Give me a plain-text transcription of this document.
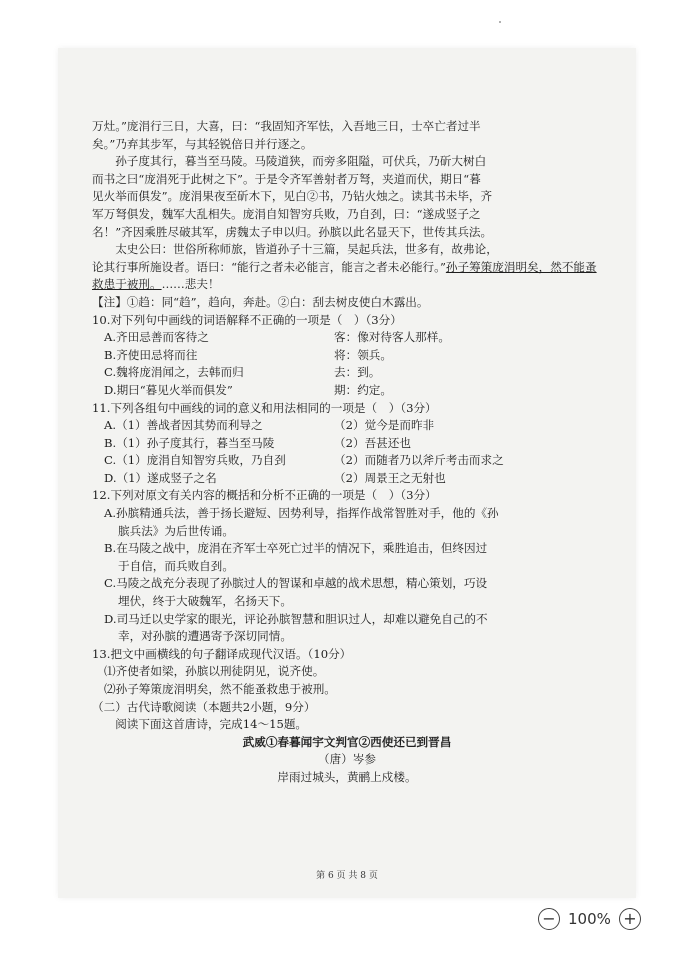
万灶。”庞涓行三日，大喜，曰：“我固知齐军怯，入吾地三日，士卒亡者过半

矣。”乃弃其步军，与其轻锐倍日并行逐之。

孙子度其行，暮当至马陵。马陵道狭，而旁多阻隘，可伏兵，乃斫大树白

而书之曰“庞涓死于此树之下”。于是令齐军善射者万弩，夹道而伏，期日“暮

见火举而俱发”。庞涓果夜至斫木下，见白②书，乃钻火烛之。读其书未毕，齐

军万弩俱发，魏军大乱相失。庞涓自知智穷兵败，乃自刭，曰：“遂成竖子之

名！”齐因乘胜尽破其军，虏魏太子申以归。孙膑以此名显天下，世传其兵法。

太史公曰：世俗所称师旅，皆道孙子十三篇，吴起兵法，世多有，故弗论，

论其行事所施设者。语曰：“能行之者未必能言，能言之者未必能行。”孙子筹策庞涓明矣，然不能蚤救患于被刑。……悲夫！

【注】①趋：同“趋”，趋向，奔赴。②白：刮去树皮使白木露出。

10.对下列句中画线的词语解释不正确的一项是（　）（3分）

A.齐田忌善而客待之	客：像对待客人那样。
B.齐使田忌将而往	将：领兵。
C.魏将庞涓闻之，去韩而归	去：到。
D.期曰“暮见火举而俱发”	期：约定。

11.下列各组句中画线的词的意义和用法相同的一项是（　）（3分）

A.（1）善战者因其势而利导之	（2）觉今是而昨非
B.（1）孙子度其行，暮当至马陵	（2）吾甚还也
C.（1）庞涓自知智穷兵败，乃自刭	（2）而随者乃以斧斤考击而求之
D.（1）遂成竖子之名	（2）周景王之无射也

12.下列对原文有关内容的概括和分析不正确的一项是（　）（3分）

A.孙膑精通兵法，善于扬长避短、因势利导，指挥作战常智胜对手，他的《孙

膑兵法》为后世传诵。

B.在马陵之战中，庞涓在齐军士卒死亡过半的情况下，乘胜追击，但终因过

于自信，而兵败自刭。

C.马陵之战充分表现了孙膑过人的智谋和卓越的战术思想，精心策划，巧设

埋伏，终于大破魏军，名扬天下。

D.司马迁以史学家的眼光，评论孙膑智慧和胆识过人，却难以避免自己的不

幸，对孙膑的遭遇寄予深切同情。

13.把文中画横线的句子翻译成现代汉语。（10分）

⑴齐使者如梁，孙膑以刑徒阴见，说齐使。

⑵孙子筹策庞涓明矣，然不能蚤救患于被刑。

（二）古代诗歌阅读（本题共2小题，9分）

阅读下面这首唐诗，完成14～15题。

武威①春暮闻宇文判官②西使还已到晋昌

（唐）岑参

岸雨过城头，黄鹂上戍楼。

第 6 页 共 8 页
− 100% +
